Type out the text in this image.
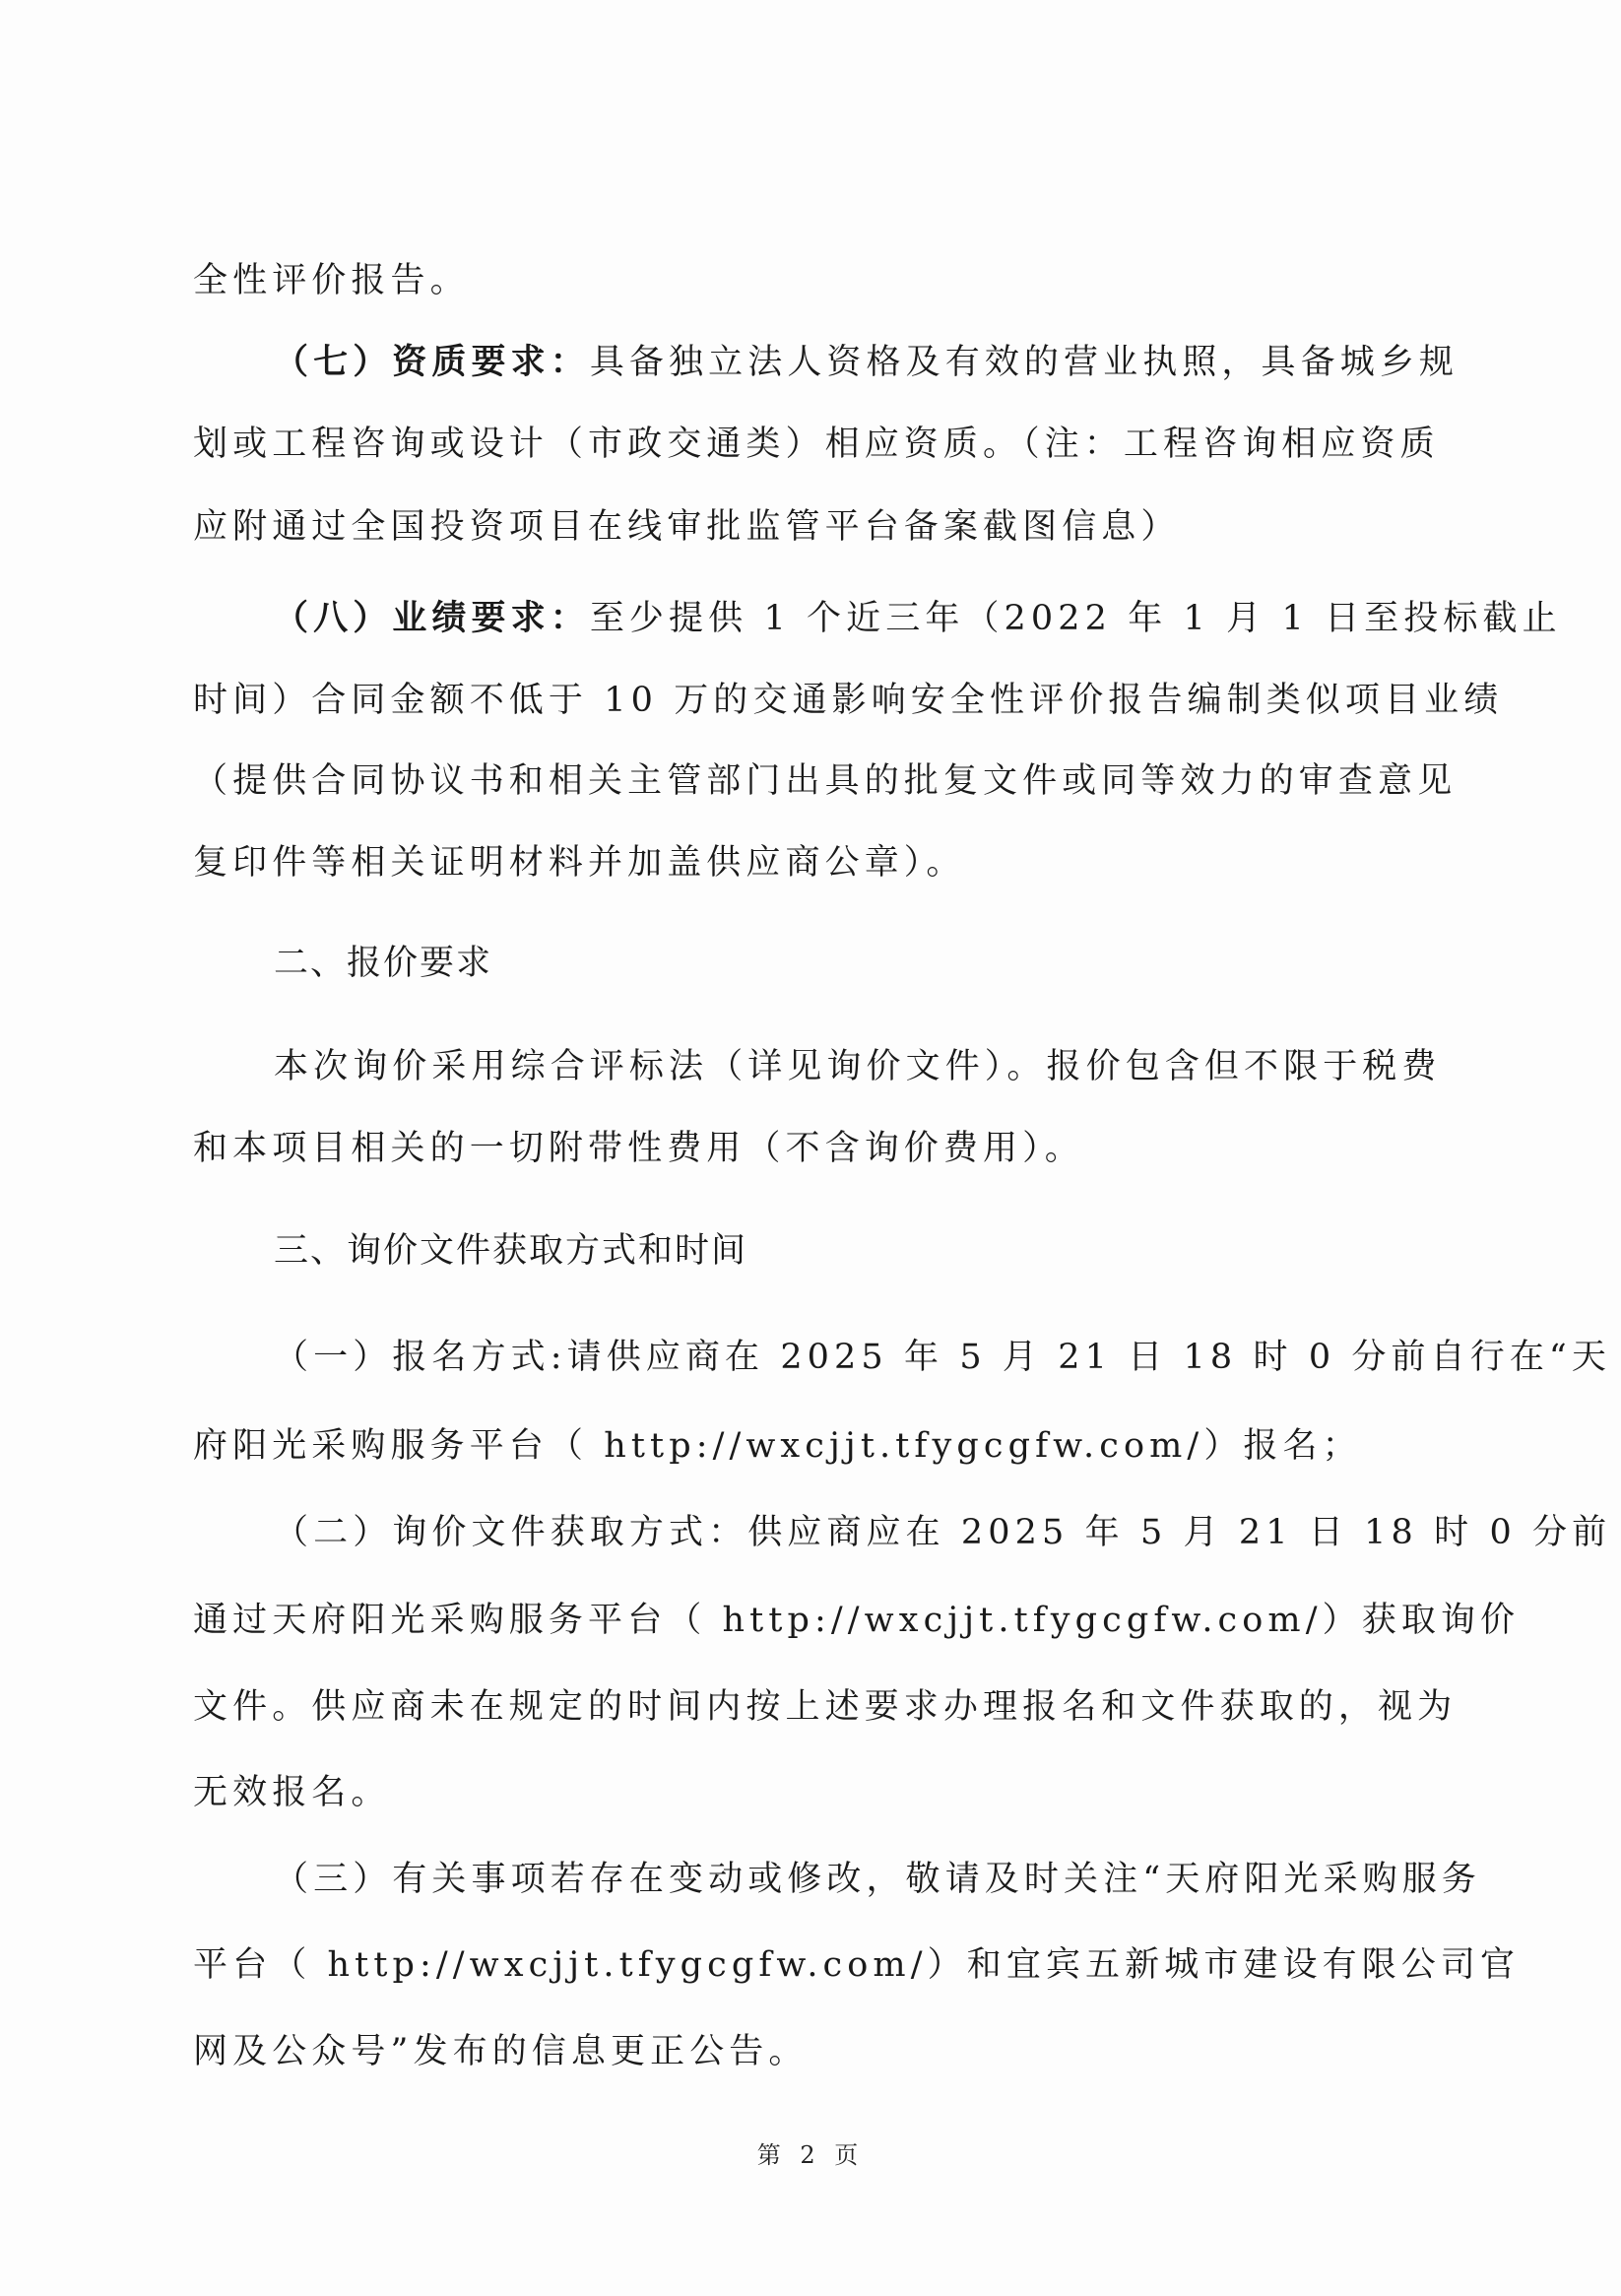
全性评价报告。
（七）资质要求：具备独立法人资格及有效的营业执照，具备城乡规
划或工程咨询或设计（市政交通类）相应资质。（注：工程咨询相应资质
应附通过全国投资项目在线审批监管平台备案截图信息）
（八）业绩要求：至少提供 1 个近三年（2022 年 1 月 1 日至投标截止
时间）合同金额不低于 10 万的交通影响安全性评价报告编制类似项目业绩
（提供合同协议书和相关主管部门出具的批复文件或同等效力的审查意见
复印件等相关证明材料并加盖供应商公章）。
二、报价要求
本次询价采用综合评标法（详见询价文件）。报价包含但不限于税费
和本项目相关的一切附带性费用（不含询价费用）。
三、询价文件获取方式和时间
（一）报名方式:请供应商在 2025 年 5 月 21 日 18 时 0 分前自行在“天
府阳光采购服务平台（ http://wxcjjt.tfygcgfw.com/）报名；
（二）询价文件获取方式：供应商应在 2025 年 5 月 21 日 18 时 0 分前
通过天府阳光采购服务平台（ http://wxcjjt.tfygcgfw.com/）获取询价
文件。供应商未在规定的时间内按上述要求办理报名和文件获取的，视为
无效报名。
（三）有关事项若存在变动或修改，敬请及时关注“天府阳光采购服务
平台（ http://wxcjjt.tfygcgfw.com/）和宜宾五新城市建设有限公司官
网及公众号”发布的信息更正公告。
第 2 页
